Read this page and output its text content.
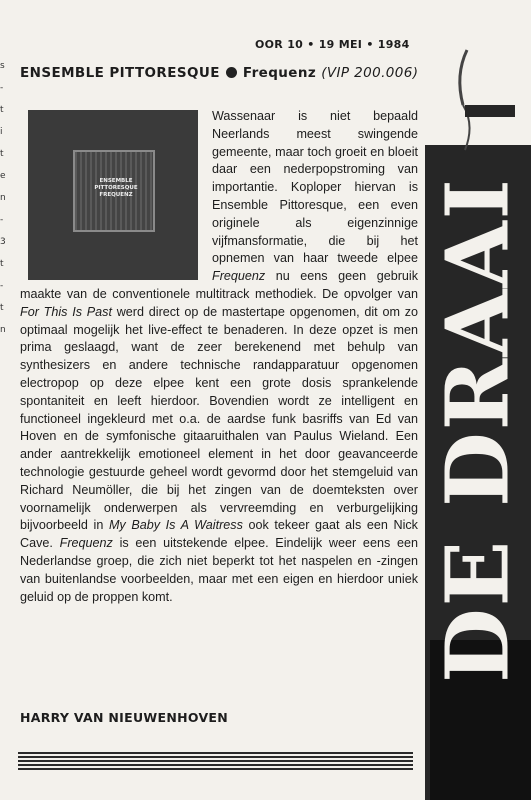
OOR 10 • 19 MEI • 1984
s
-
t
i
t
e
n
-
3
t
-
t
n
ENSEMBLE PITTORESQUE Frequenz (VIP 200.006)
Wassenaar is niet bepaald Neerlands meest swingende gemeente, maar toch groeit en bloeit daar een nederpopstroming van importantie. Koploper hiervan is Ensemble Pittoresque, een even originele als eigenzinnige vijfmansformatie, die bij het opnemen van haar tweede elpee Frequenz nu eens geen gebruik maakte van de conventionele multitrack methodiek. De opvolger van For This Is Past werd direct op de mastertape opgenomen, dit om zo optimaal mogelijk het live-effect te benaderen. In deze opzet is men prima geslaagd, want de zeer berekenend met behulp van synthesizers en andere technische randapparatuur opgenomen electropop op deze elpee kent een grote dosis sprankelende spontaniteit en leeft hierdoor. Bovendien wordt ze intelligent en functioneel ingekleurd met o.a. de aardse funk basriffs van Ed van Hoven en de symfonische gitaaruithalen van Paulus Wieland. Een ander aantrekkelijk emotioneel element in het door geavanceerde technologie gestuurde geheel wordt gevormd door het stemgeluid van Richard Neumöller, die bij het zingen van de doemteksten over voornamelijk onderwerpen als vervreemding en verburgelijking bijvoorbeeld in My Baby Is A Waitress ook tekeer gaat als een Nick Cave. Frequenz is een uitstekende elpee. Eindelijk weer eens een Nederlandse groep, die zich niet beperkt tot het naspelen en -zingen van buitenlandse voorbeelden, maar met een eigen en hierdoor uniek geluid op de proppen komt.
ENSEMBLE
PITTORESQUE
FREQUENZ
HARRY VAN NIEUWENHOVEN
DE DRAAI
